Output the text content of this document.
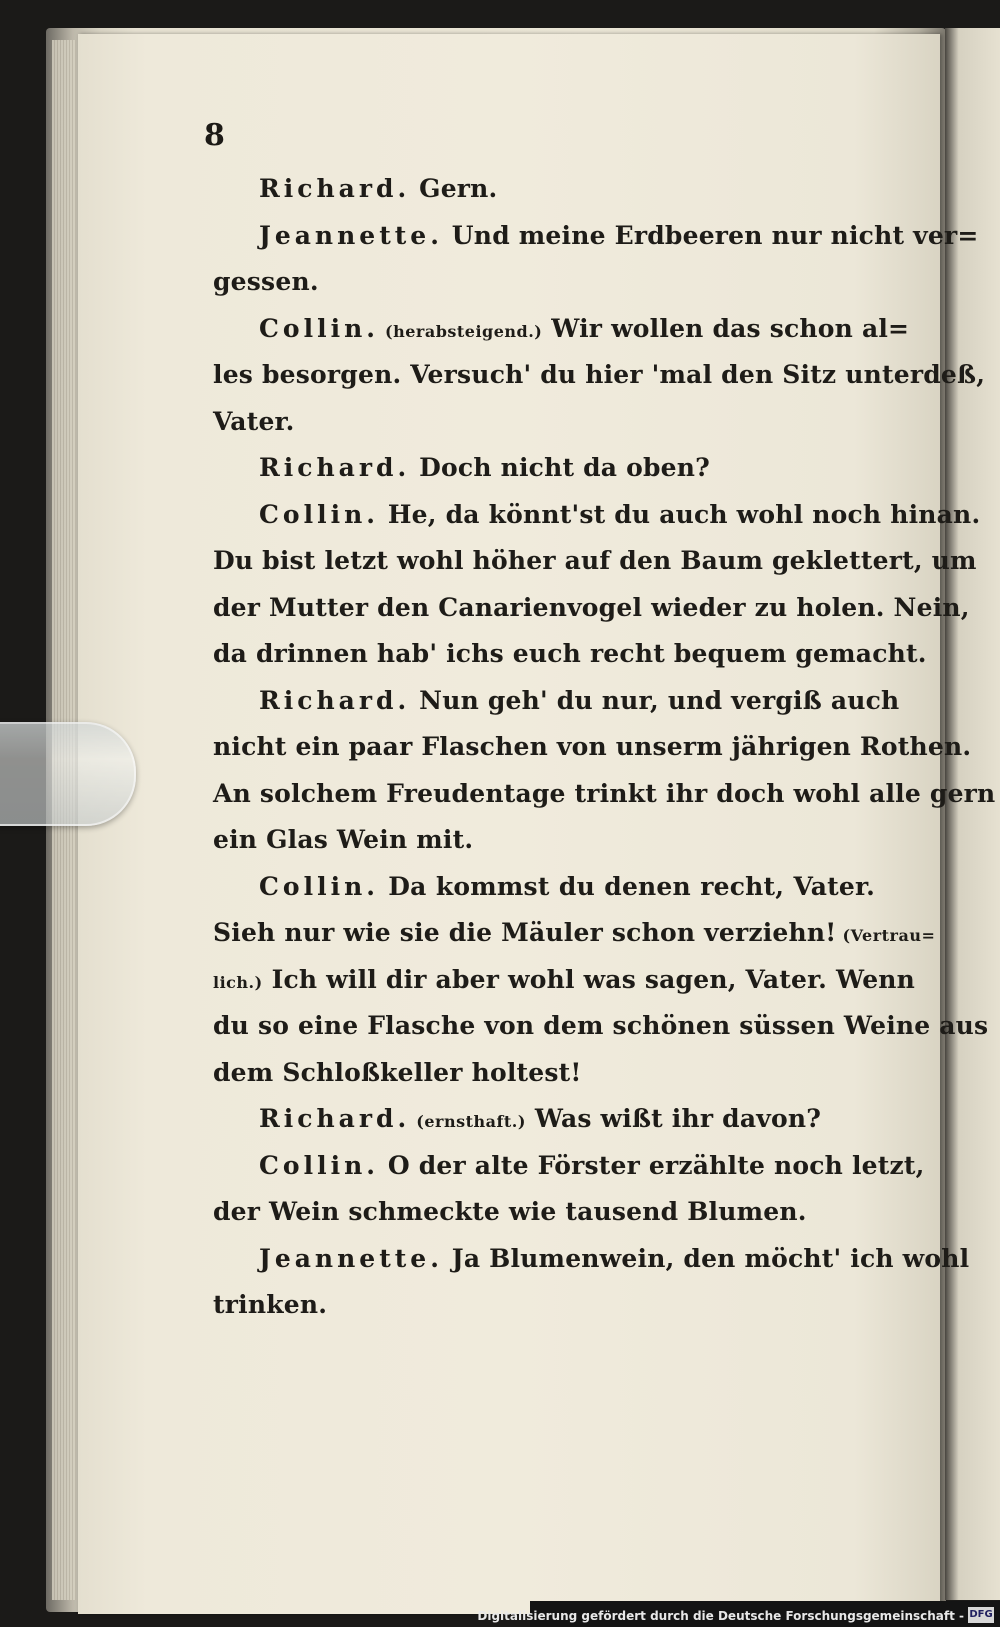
8
Richard. Gern.
Jeannette. Und meine Erdbeeren nur nicht ver=
gessen.
Collin. (herabsteigend.) Wir wollen das schon al=
les besorgen. Versuch' du hier 'mal den Sitz unterdeß,
Vater.
Richard. Doch nicht da oben?
Collin. He, da könnt'st du auch wohl noch hinan.
Du bist letzt wohl höher auf den Baum geklettert, um
der Mutter den Canarienvogel wieder zu holen. Nein,
da drinnen hab' ichs euch recht bequem gemacht.
Richard. Nun geh' du nur, und vergiß auch
nicht ein paar Flaschen von unserm jährigen Rothen.
An solchem Freudentage trinkt ihr doch wohl alle gern
ein Glas Wein mit.
Collin. Da kommst du denen recht, Vater.
Sieh nur wie sie die Mäuler schon verziehn! (Vertrau=
lich.) Ich will dir aber wohl was sagen, Vater. Wenn
du so eine Flasche von dem schönen süssen Weine aus
dem Schloßkeller holtest!
Richard. (ernsthaft.) Was wißt ihr davon?
Collin. O der alte Förster erzählte noch letzt,
der Wein schmeckte wie tausend Blumen.
Jeannette. Ja Blumenwein, den möcht' ich wohl
trinken.
Digitalisierung gefördert durch die Deutsche Forschungsgemeinschaft - DFG
